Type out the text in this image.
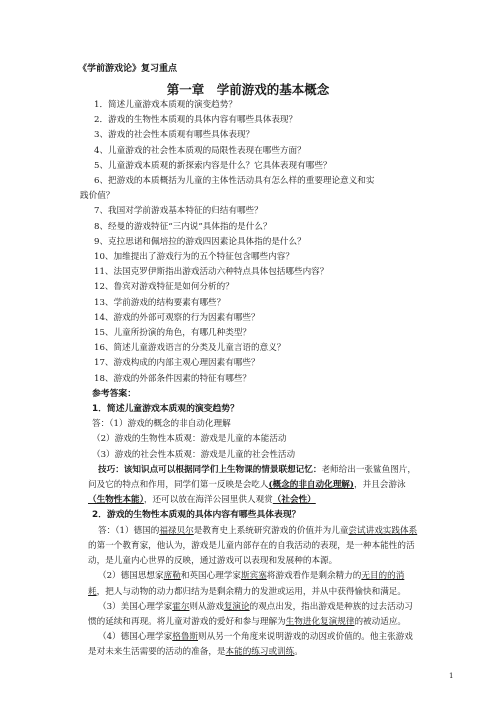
《学前游戏论》复习重点
第一章　学前游戏的基本概念
1．简述儿童游戏本质观的演变趋势？
2．游戏的生物性本质观的具体内容有哪些具体表现？
3、游戏的社会性本质观有哪些具体表现？
4、儿童游戏的社会性本质观的局限性表现在哪些方面？
5、儿童游戏本质观的新探索内容是什么？它具体表现有哪些？
6、把游戏的本质概括为儿童的主体性活动具有怎么样的重要理论意义和实
践价值？
7、我国对学前游戏基本特征的归结有哪些？
8、经曼的游戏特征“三内说”具体指的是什么？
9、克拉思诺和佩培拉的游戏四因素论具体指的是什么？
10、加维提出了游戏行为的五个特征包含哪些内容？
11、法国克罗伊斯指出游戏活动六种特点具体包括哪些内容？
12、鲁宾对游戏特征是如何分析的？
13、学前游戏的结构要素有哪些？
14、游戏的外部可观察的行为因素有哪些？
15、儿童所扮演的角色，有哪几种类型？
16、简述儿童游戏语言的分类及儿童言语的意义？
17、游戏构成的内部主观心理因素有哪些？
18、游戏的外部条件因素的特征有哪些？
参考答案：
1．简述儿童游戏本质观的演变趋势？
答：（1）游戏的概念的非自动化理解
（2）游戏的生物性本质观：游戏是儿童的本能活动
（3）游戏的社会性本质观：游戏是儿童的社会性活动

技巧：该知识点可以根据同学们上生物课的情景联想记忆：老师给出一张鲨鱼图片，问及它的特点和作用，同学们第一反映是会吃人(概念的非自动化理解)，并且会游泳（生物性本能），还可以放在海洋公园里供人观赏（社会性）

2．游戏的生物性本质观的具体内容有哪些具体表现？

答：（1）德国的福禄贝尔是教育史上系统研究游戏的价值并为儿童尝试讲戏实践体系的第一个教育家，他认为，游戏是儿童内部存在的自我活动的表现，是一种本能性的活动，是儿童内心世界的反映，通过游戏可以表现和发展种的本源。

（2）德国思想家席勒和英国心理学家斯宾塞将游戏看作是剩余精力的无目的的消耗，把人与动物的动力都归结为是剩余精力的发泄或运用，并从中获得愉快和满足。

（3）美国心理学家霍尔则从游戏复演论的观点出发，指出游戏是种族的过去活动习惯的延续和再现。将儿童对游戏的爱好和参与理解为生物进化复演规律的被动适应。

（4）德国心理学家格鲁斯则从另一个角度来说明游戏的动因或价值的。他主张游戏是对未来生活需要的活动的准备，是本能的练习或训练。

1
